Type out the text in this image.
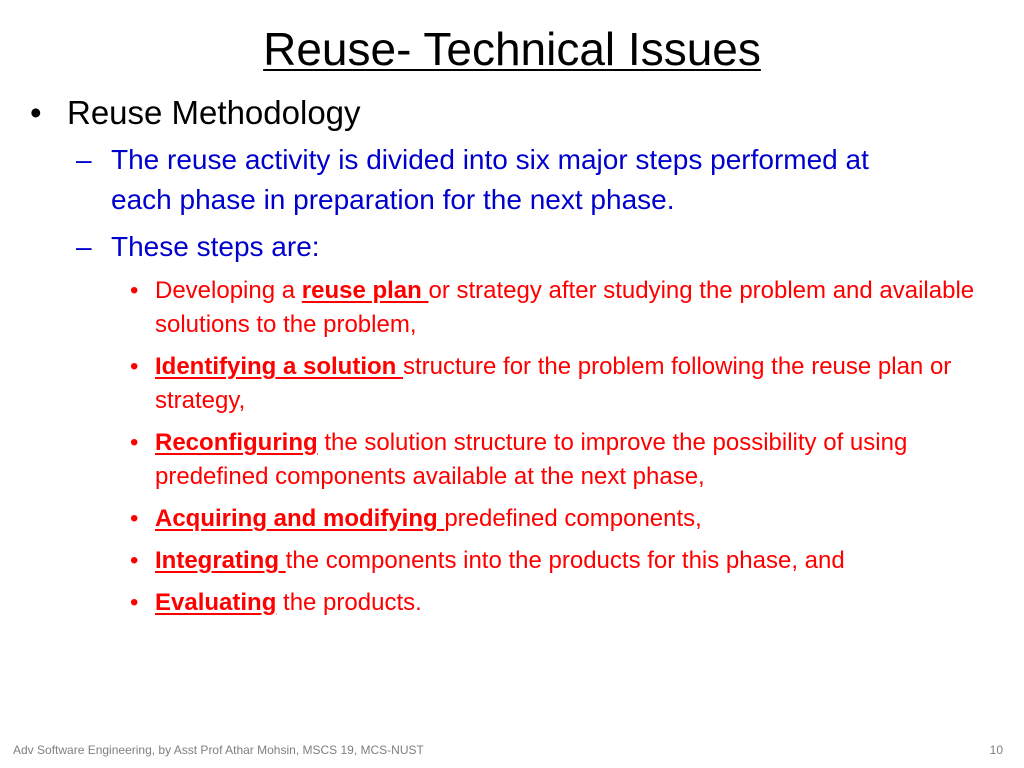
Reuse- Technical Issues
• Reuse Methodology
– The reuse activity is divided into six major steps performed at each phase in preparation for the next phase.
– These steps are:
• Developing a reuse plan or strategy after studying the problem and available solutions to the problem,
• Identifying a solution structure for the problem following the reuse plan or strategy,
• Reconfiguring the solution structure to improve the possibility of using predefined components available at the next phase,
• Acquiring and modifying predefined components,
• Integrating the components into the products for this phase, and
• Evaluating the products.
Adv Software Engineering, by Asst Prof Athar Mohsin, MSCS 19, MCS-NUST	10
